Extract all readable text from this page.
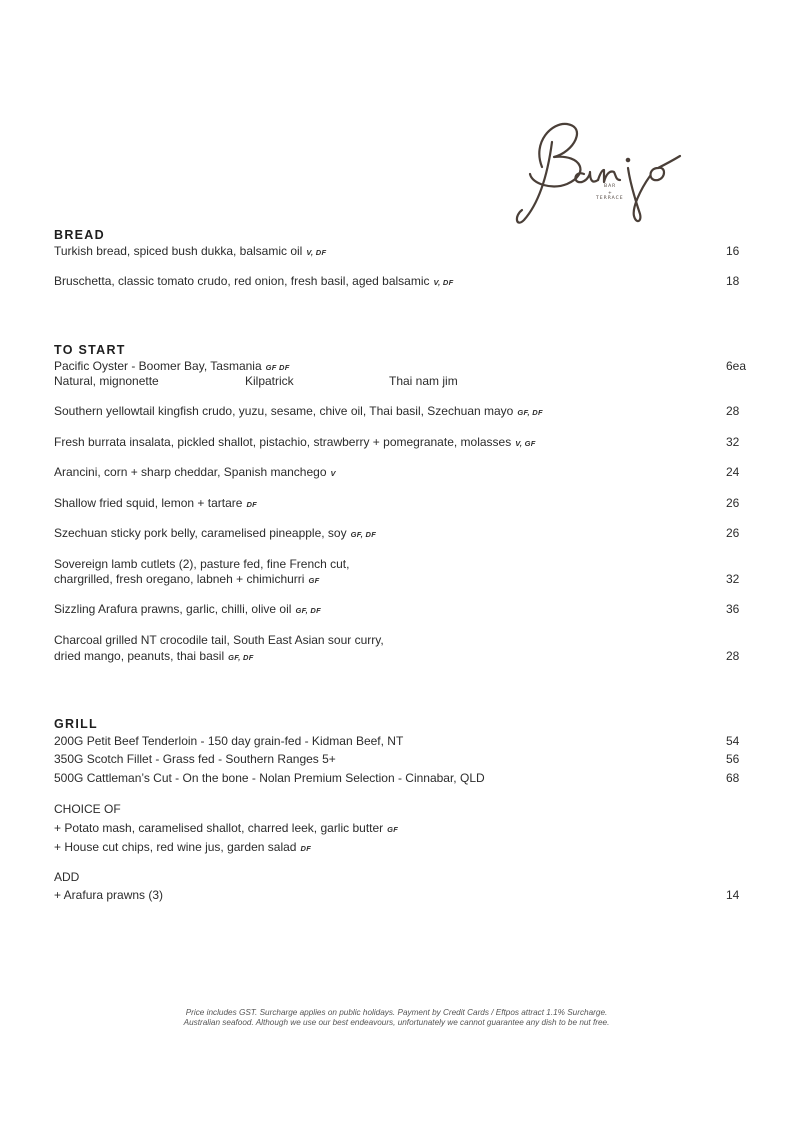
BAR
+
TERRACE
BREAD
Turkish bread, spiced bush dukka, balsamic oil V, DF	16
Bruschetta, classic tomato crudo, red onion, fresh basil, aged balsamic V, DF	18
TO START
Pacific Oyster - Boomer Bay, Tasmania GF DF	6ea
Natural, mignonette	Kilpatrick	Thai nam jim
Southern yellowtail kingfish crudo, yuzu, sesame, chive oil, Thai basil, Szechuan mayo GF, DF	28
Fresh burrata insalata, pickled shallot, pistachio, strawberry + pomegranate, molasses V, GF	32
Arancini, corn + sharp cheddar, Spanish manchego V	24
Shallow fried squid, lemon + tartare DF	26
Szechuan sticky pork belly, caramelised pineapple, soy GF, DF	26
Sovereign lamb cutlets (2), pasture fed, fine French cut,
chargrilled, fresh oregano, labneh + chimichurri GF	32
Sizzling Arafura prawns, garlic, chilli, olive oil GF, DF	36
Charcoal grilled NT crocodile tail, South East Asian sour curry,
dried mango, peanuts, thai basil GF, DF	28
GRILL
200G Petit Beef Tenderloin - 150 day grain-fed - Kidman Beef, NT	54
350G Scotch Fillet - Grass fed - Southern Ranges 5+	56
500G Cattleman’s Cut - On the bone - Nolan Premium Selection - Cinnabar, QLD	68
CHOICE OF
+ Potato mash, caramelised shallot, charred leek, garlic butter GF
+ House cut chips, red wine jus, garden salad DF
ADD
+ Arafura prawns (3)	14
Price includes GST. Surcharge applies on public holidays. Payment by Credit Cards / Eftpos attract 1.1% Surcharge.
Australian seafood. Although we use our best endeavours, unfortunately we cannot guarantee any dish to be nut free.
